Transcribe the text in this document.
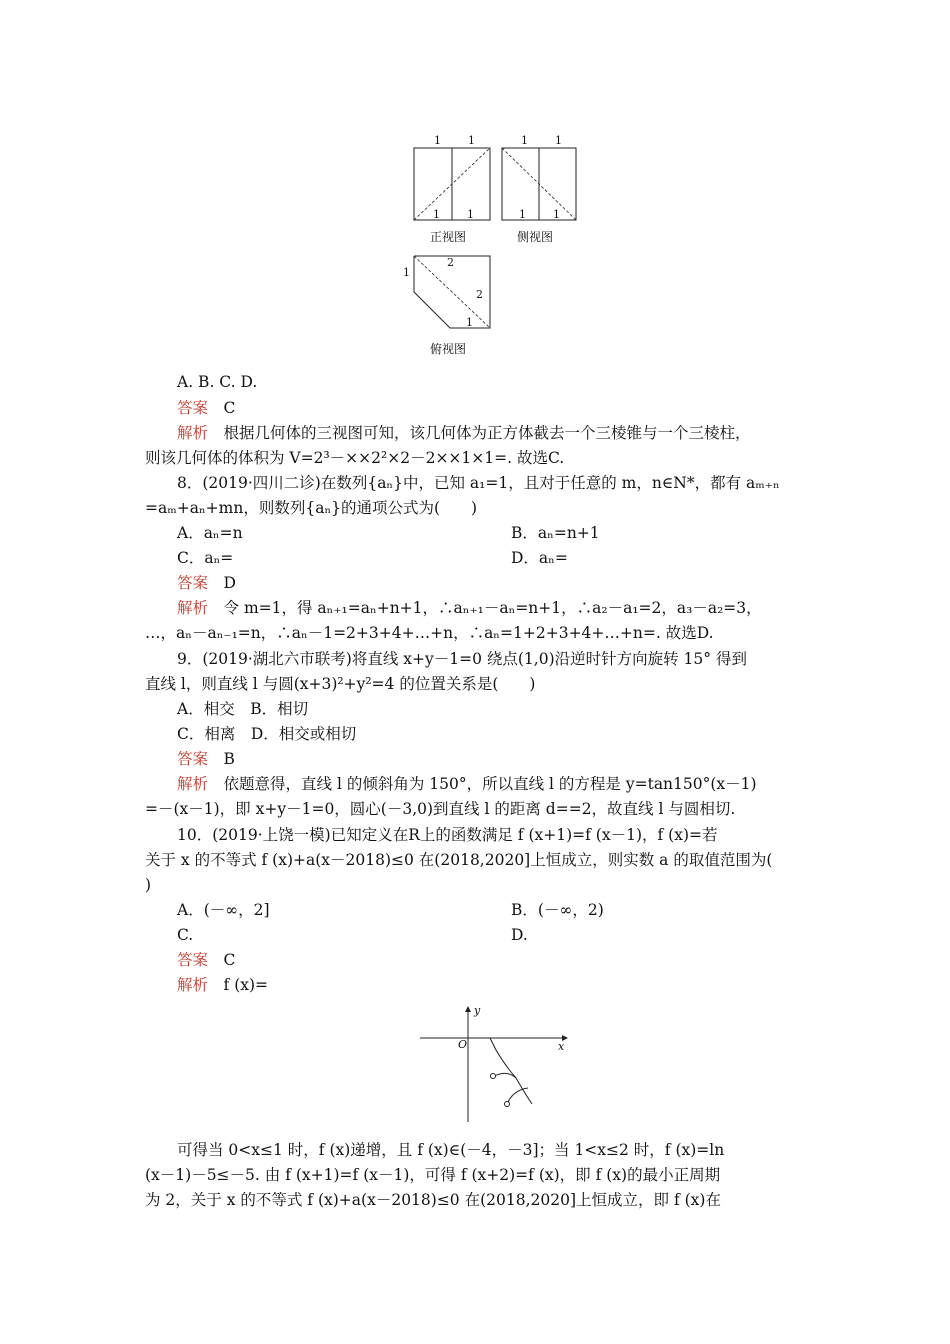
1 1
1 1
正视图
1 1
1 1
侧视图
1
2
2
1
俯视图
A. B. C. D.
答案　 C
解析　 根据几何体的三视图可知，该几何体为正方体截去一个三棱锥与一个三棱柱，
则该几何体的体积为 V=2³－××2²×2－2××1×1=. 故选C.
8．(2019·四川二诊)在数列{aₙ}中，已知 a₁=1，且对于任意的 m，n∈N*，都有 aₘ₊ₙ
=aₘ+aₙ+mn，则数列{aₙ}的通项公式为(　　)
A．aₙ=n	B．aₙ=n+1
C．aₙ=	D．aₙ=
答案　 D
解析　 令 m=1，得 aₙ₊₁=aₙ+n+1，∴aₙ₊₁－aₙ=n+1，∴a₂－a₁=2，a₃－a₂=3，
…，aₙ－aₙ₋₁=n，∴aₙ－1=2+3+4+…+n，∴aₙ=1+2+3+4+…+n=. 故选D.
9．(2019·湖北六市联考)将直线 x+y－1=0 绕点(1,0)沿逆时针方向旋转 15° 得到
直线 l，则直线 l 与圆(x+3)²+y²=4 的位置关系是(　　)
A．相交　B．相切
C．相离　D．相交或相切
答案　 B
解析　 依题意得，直线 l 的倾斜角为 150°，所以直线 l 的方程是 y=tan150°(x－1)
=－(x－1)，即 x+y－1=0，圆心(－3,0)到直线 l 的距离 d==2，故直线 l 与圆相切.
10．(2019·上饶一模)已知定义在R上的函数满足 f (x+1)=f (x－1)，f (x)=若
关于 x 的不等式 f (x)+a(x－2018)≤0 在(2018,2020]上恒成立，则实数 a 的取值范围为(
)
A．(－∞，2]	B．(－∞，2)
C.	D.
答案　 C
解析　 f (x)=
y
x
O
可得当 0<x≤1 时，f (x)递增，且 f (x)∈(－4，－3]；当 1<x≤2 时，f (x)=ln
(x－1)－5≤－5. 由 f (x+1)=f (x－1)，可得 f (x+2)=f (x)，即 f (x)的最小正周期
为 2，关于 x 的不等式 f (x)+a(x－2018)≤0 在(2018,2020]上恒成立，即 f (x)在
